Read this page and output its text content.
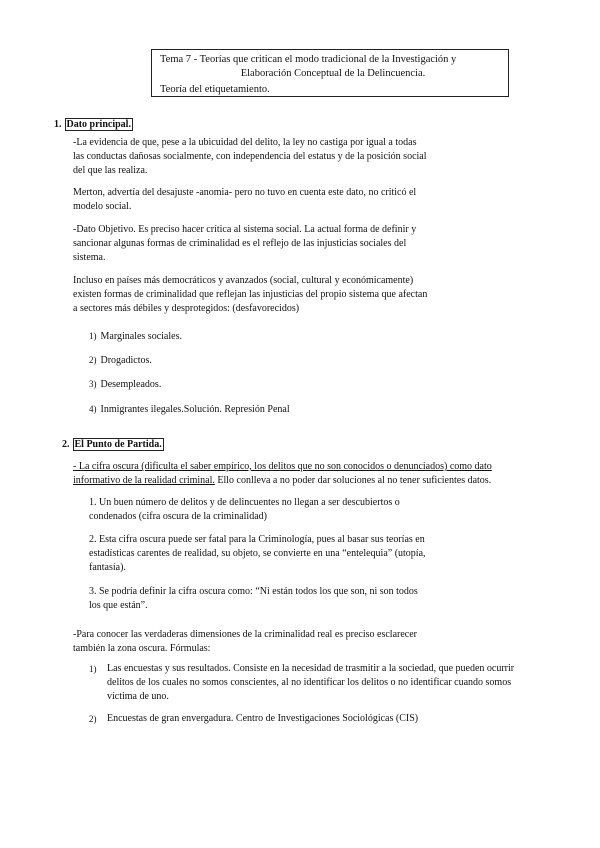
Tema 7 - Teorías que critican el modo tradicional de la Investigación y
Elaboración Conceptual de la Delincuencia.
Teoría del etiquetamiento.
1. Dato principal.
-La evidencia de que, pese a la ubicuidad del delito, la ley no castiga por igual a todas
las conductas dañosas socialmente, con independencia del estatus y de la posición social
del que las realiza.
Merton, advertía del desajuste -anomia- pero no tuvo en cuenta este dato, no criticó el
modelo social.
-Dato Objetivo. Es preciso hacer crítica al sistema social. La actual forma de definir y
sancionar algunas formas de criminalidad es el reflejo de las injusticias sociales del
sistema.
Incluso en países más democráticos y avanzados (social, cultural y económicamente)
existen formas de criminalidad que reflejan las injusticias del propio sistema que afectan
a sectores más débiles y desprotegidos: (desfavorecidos)
1) Marginales sociales.
2) Drogadictos.
3) Desempleados.
4) Inmigrantes ilegales.Solución. Represión Penal
2. El Punto de Partida.
- La cifra oscura (dificulta el saber empírico, los delitos que no son conocidos o denunciados) como dato
informativo de la realidad criminal. Ello conlleva a no poder dar soluciones al no tener suficientes datos.
1. Un buen número de delitos y de delincuentes no llegan a ser descubiertos o
condenados (cifra oscura de la criminalidad)
2. Esta cifra oscura puede ser fatal para la Criminología, pues al basar sus teorías en
estadísticas carentes de realidad, su objeto, se convierte en una “entelequia” (utopía,
fantasía).
3. Se podría definir la cifra oscura como: “Ni están todos los que son, ni son todos
los que están”.
-Para conocer las verdaderas dimensiones de la criminalidad real es preciso esclarecer
también la zona oscura. Fórmulas:
1)	Las encuestas y sus resultados. Consiste en la necesidad de trasmitir a la sociedad, que pueden ocurrir
delitos de los cuales no somos conscientes, al no identificar los delitos o no identificar cuando somos
víctima de uno.
2)	Encuestas de gran envergadura. Centro de Investigaciones Sociológicas (CIS)
